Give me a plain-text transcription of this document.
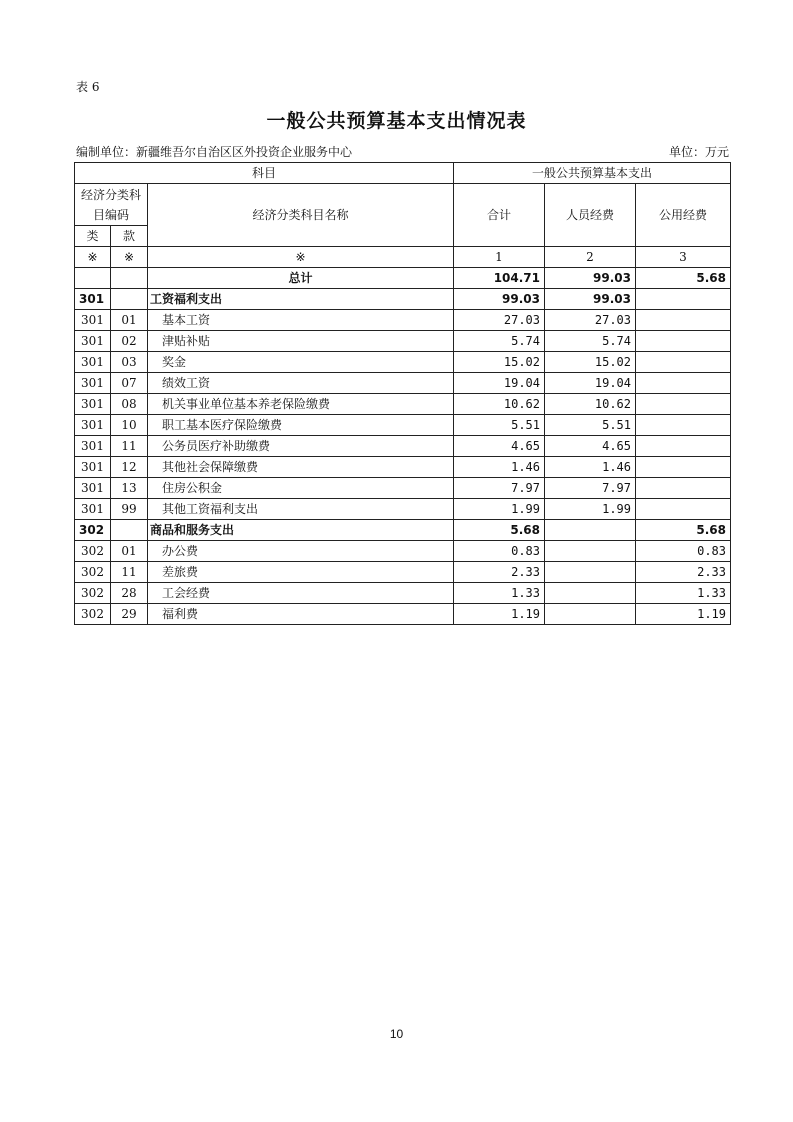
表 6
一般公共预算基本支出情况表
编制单位：新疆维吾尔自治区区外投资企业服务中心	单位：万元
科目			一般公共预算基本支出		
经济分类科目编码		经济分类科目名称	合计	人员经费	公用经费
类	款				
※	※	※	1	2	3
		总计	104.71	99.03	5.68
301		工资福利支出	99.03	99.03	
301	01	基本工资	27.03	27.03	
301	02	津贴补贴	5.74	5.74	
301	03	奖金	15.02	15.02	
301	07	绩效工资	19.04	19.04	
301	08	机关事业单位基本养老保险缴费	10.62	10.62	
301	10	职工基本医疗保险缴费	5.51	5.51	
301	11	公务员医疗补助缴费	4.65	4.65	
301	12	其他社会保障缴费	1.46	1.46	
301	13	住房公积金	7.97	7.97	
301	99	其他工资福利支出	1.99	1.99	
302		商品和服务支出	5.68		5.68
302	01	办公费	0.83		0.83
302	11	差旅费	2.33		2.33
302	28	工会经费	1.33		1.33
302	29	福利费	1.19		1.19
10
